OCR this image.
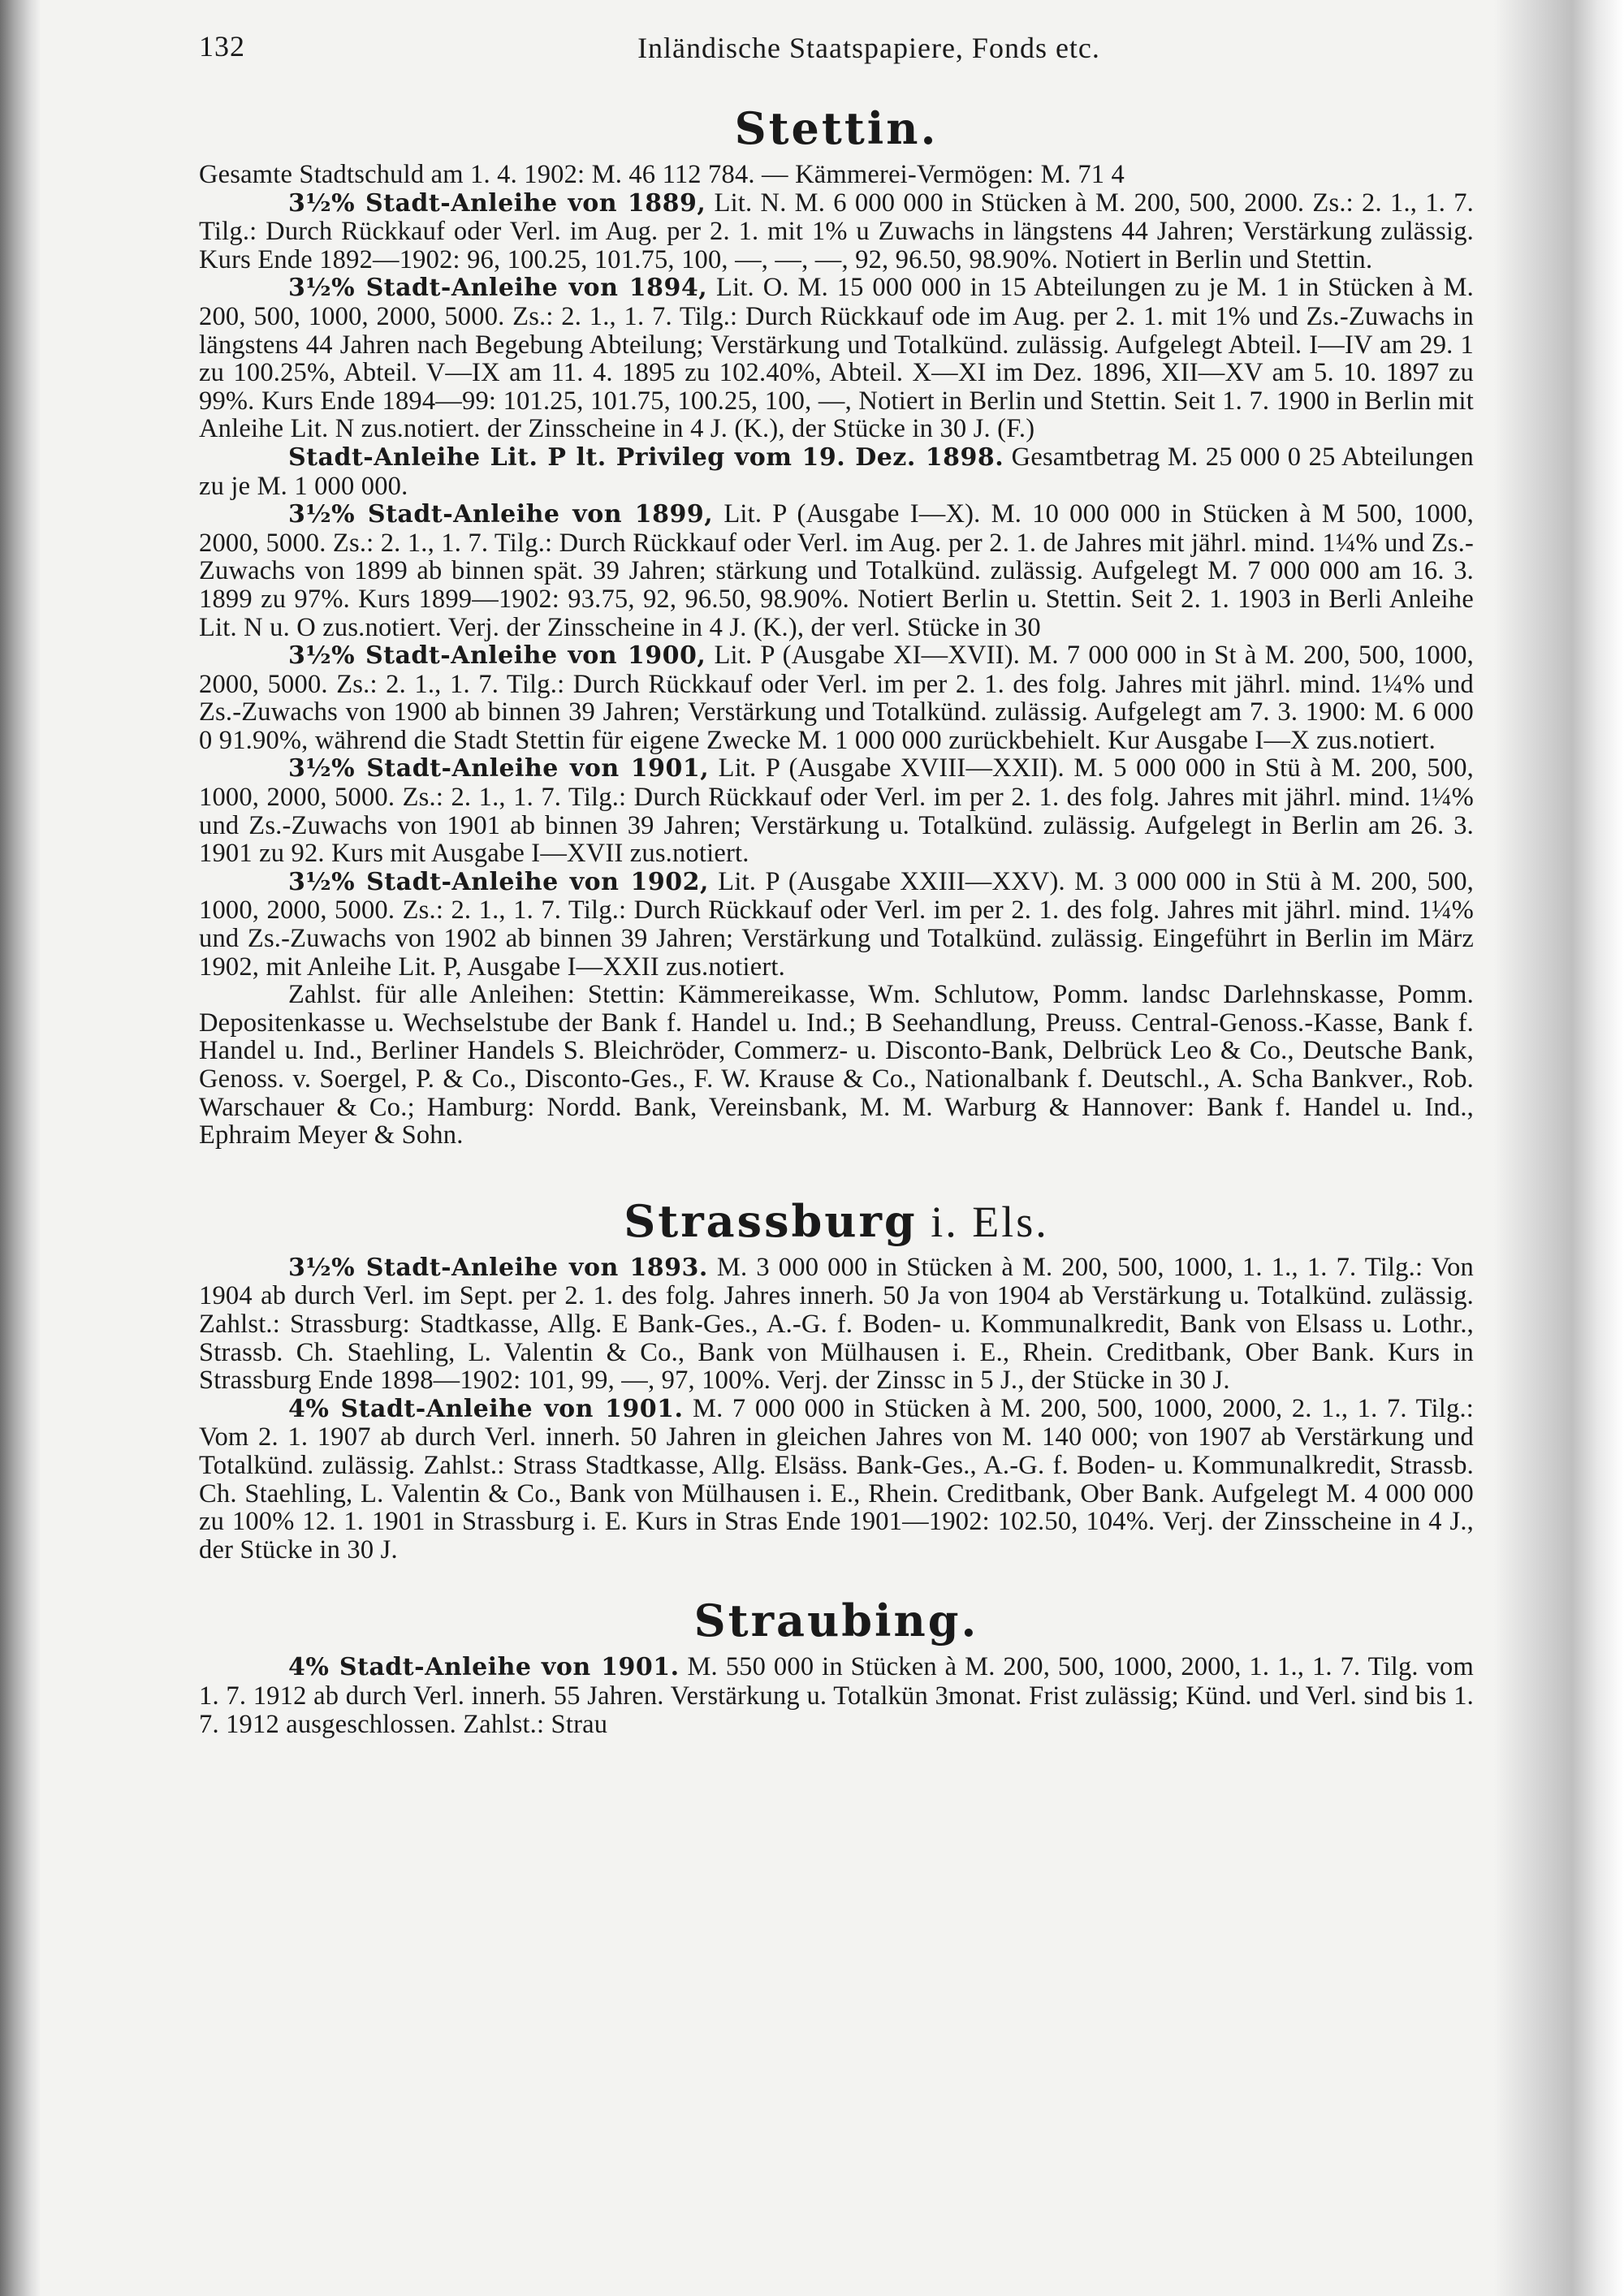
132	Inländische Staatspapiere, Fonds etc.
Stettin.

Gesamte Stadtschuld am 1. 4. 1902: M. 46 112 784. — Kämmerei-Vermögen: M. 71 4

3½% Stadt-Anleihe von 1889, Lit. N. M. 6 000 000 in Stücken à M. 200, 500, 2000. Zs.: 2. 1., 1. 7. Tilg.: Durch Rückkauf oder Verl. im Aug. per 2. 1. mit 1% u Zuwachs in längstens 44 Jahren; Verstärkung zulässig. Kurs Ende 1892—1902: 96, 100.25, 101.75, 100, —, —, —, 92, 96.50, 98.90%. Notiert in Berlin und Stettin.

3½% Stadt-Anleihe von 1894, Lit. O. M. 15 000 000 in 15 Abteilungen zu je M. 1 in Stücken à M. 200, 500, 1000, 2000, 5000. Zs.: 2. 1., 1. 7. Tilg.: Durch Rückkauf ode im Aug. per 2. 1. mit 1% und Zs.-Zuwachs in längstens 44 Jahren nach Begebung Abteilung; Verstärkung und Totalkünd. zulässig. Aufgelegt Abteil. I—IV am 29. 1 zu 100.25%, Abteil. V—IX am 11. 4. 1895 zu 102.40%, Abteil. X—XI im Dez. 1896, XII—XV am 5. 10. 1897 zu 99%. Kurs Ende 1894—99: 101.25, 101.75, 100.25, 100, —, Notiert in Berlin und Stettin. Seit 1. 7. 1900 in Berlin mit Anleihe Lit. N zus.notiert. der Zinsscheine in 4 J. (K.), der Stücke in 30 J. (F.)

Stadt-Anleihe Lit. P lt. Privileg vom 19. Dez. 1898. Gesamtbetrag M. 25 000 0 25 Abteilungen zu je M. 1 000 000.

3½% Stadt-Anleihe von 1899, Lit. P (Ausgabe I—X). M. 10 000 000 in Stücken à M 500, 1000, 2000, 5000. Zs.: 2. 1., 1. 7. Tilg.: Durch Rückkauf oder Verl. im Aug. per 2. 1. de Jahres mit jährl. mind. 1¼% und Zs.-Zuwachs von 1899 ab binnen spät. 39 Jahren; stärkung und Totalkünd. zulässig. Aufgelegt M. 7 000 000 am 16. 3. 1899 zu 97%. Kurs 1899—1902: 93.75, 92, 96.50, 98.90%. Notiert Berlin u. Stettin. Seit 2. 1. 1903 in Berli Anleihe Lit. N u. O zus.notiert. Verj. der Zinsscheine in 4 J. (K.), der verl. Stücke in 30

3½% Stadt-Anleihe von 1900, Lit. P (Ausgabe XI—XVII). M. 7 000 000 in St à M. 200, 500, 1000, 2000, 5000. Zs.: 2. 1., 1. 7. Tilg.: Durch Rückkauf oder Verl. im per 2. 1. des folg. Jahres mit jährl. mind. 1¼% und Zs.-Zuwachs von 1900 ab binnen 39 Jahren; Verstärkung und Totalkünd. zulässig. Aufgelegt am 7. 3. 1900: M. 6 000 0 91.90%, während die Stadt Stettin für eigene Zwecke M. 1 000 000 zurückbehielt. Kur Ausgabe I—X zus.notiert.

3½% Stadt-Anleihe von 1901, Lit. P (Ausgabe XVIII—XXII). M. 5 000 000 in Stü à M. 200, 500, 1000, 2000, 5000. Zs.: 2. 1., 1. 7. Tilg.: Durch Rückkauf oder Verl. im per 2. 1. des folg. Jahres mit jährl. mind. 1¼% und Zs.-Zuwachs von 1901 ab binnen 39 Jahren; Verstärkung u. Totalkünd. zulässig. Aufgelegt in Berlin am 26. 3. 1901 zu 92. Kurs mit Ausgabe I—XVII zus.notiert.

3½% Stadt-Anleihe von 1902, Lit. P (Ausgabe XXIII—XXV). M. 3 000 000 in Stü à M. 200, 500, 1000, 2000, 5000. Zs.: 2. 1., 1. 7. Tilg.: Durch Rückkauf oder Verl. im per 2. 1. des folg. Jahres mit jährl. mind. 1¼% und Zs.-Zuwachs von 1902 ab binnen 39 Jahren; Verstärkung und Totalkünd. zulässig. Eingeführt in Berlin im März 1902, mit Anleihe Lit. P, Ausgabe I—XXII zus.notiert.

Zahlst. für alle Anleihen: Stettin: Kämmereikasse, Wm. Schlutow, Pomm. landsc Darlehnskasse, Pomm. Depositenkasse u. Wechselstube der Bank f. Handel u. Ind.; B Seehandlung, Preuss. Central-Genoss.-Kasse, Bank f. Handel u. Ind., Berliner Handels S. Bleichröder, Commerz- u. Disconto-Bank, Delbrück Leo & Co., Deutsche Bank, Genoss. v. Soergel, P. & Co., Disconto-Ges., F. W. Krause & Co., Nationalbank f. Deutschl., A. Scha Bankver., Rob. Warschauer & Co.; Hamburg: Nordd. Bank, Vereinsbank, M. M. Warburg & Hannover: Bank f. Handel u. Ind., Ephraim Meyer & Sohn.

Strassburg i. Els.

3½% Stadt-Anleihe von 1893. M. 3 000 000 in Stücken à M. 200, 500, 1000, 1. 1., 1. 7. Tilg.: Von 1904 ab durch Verl. im Sept. per 2. 1. des folg. Jahres innerh. 50 Ja von 1904 ab Verstärkung u. Totalkünd. zulässig. Zahlst.: Strassburg: Stadtkasse, Allg. E Bank-Ges., A.-G. f. Boden- u. Kommunalkredit, Bank von Elsass u. Lothr., Strassb. Ch. Staehling, L. Valentin & Co., Bank von Mülhausen i. E., Rhein. Creditbank, Ober Bank. Kurs in Strassburg Ende 1898—1902: 101, 99, —, 97, 100%. Verj. der Zinssc in 5 J., der Stücke in 30 J.

4% Stadt-Anleihe von 1901. M. 7 000 000 in Stücken à M. 200, 500, 1000, 2000, 2. 1., 1. 7. Tilg.: Vom 2. 1. 1907 ab durch Verl. innerh. 50 Jahren in gleichen Jahres von M. 140 000; von 1907 ab Verstärkung und Totalkünd. zulässig. Zahlst.: Strass Stadtkasse, Allg. Elsäss. Bank-Ges., A.-G. f. Boden- u. Kommunalkredit, Strassb. Ch. Staehling, L. Valentin & Co., Bank von Mülhausen i. E., Rhein. Creditbank, Ober Bank. Aufgelegt M. 4 000 000 zu 100% 12. 1. 1901 in Strassburg i. E. Kurs in Stras Ende 1901—1902: 102.50, 104%. Verj. der Zinsscheine in 4 J., der Stücke in 30 J.

Straubing.

4% Stadt-Anleihe von 1901. M. 550 000 in Stücken à M. 200, 500, 1000, 2000, 1. 1., 1. 7. Tilg. vom 1. 7. 1912 ab durch Verl. innerh. 55 Jahren. Verstärkung u. Totalkün 3monat. Frist zulässig; Künd. und Verl. sind bis 1. 7. 1912 ausgeschlossen. Zahlst.: Strau
